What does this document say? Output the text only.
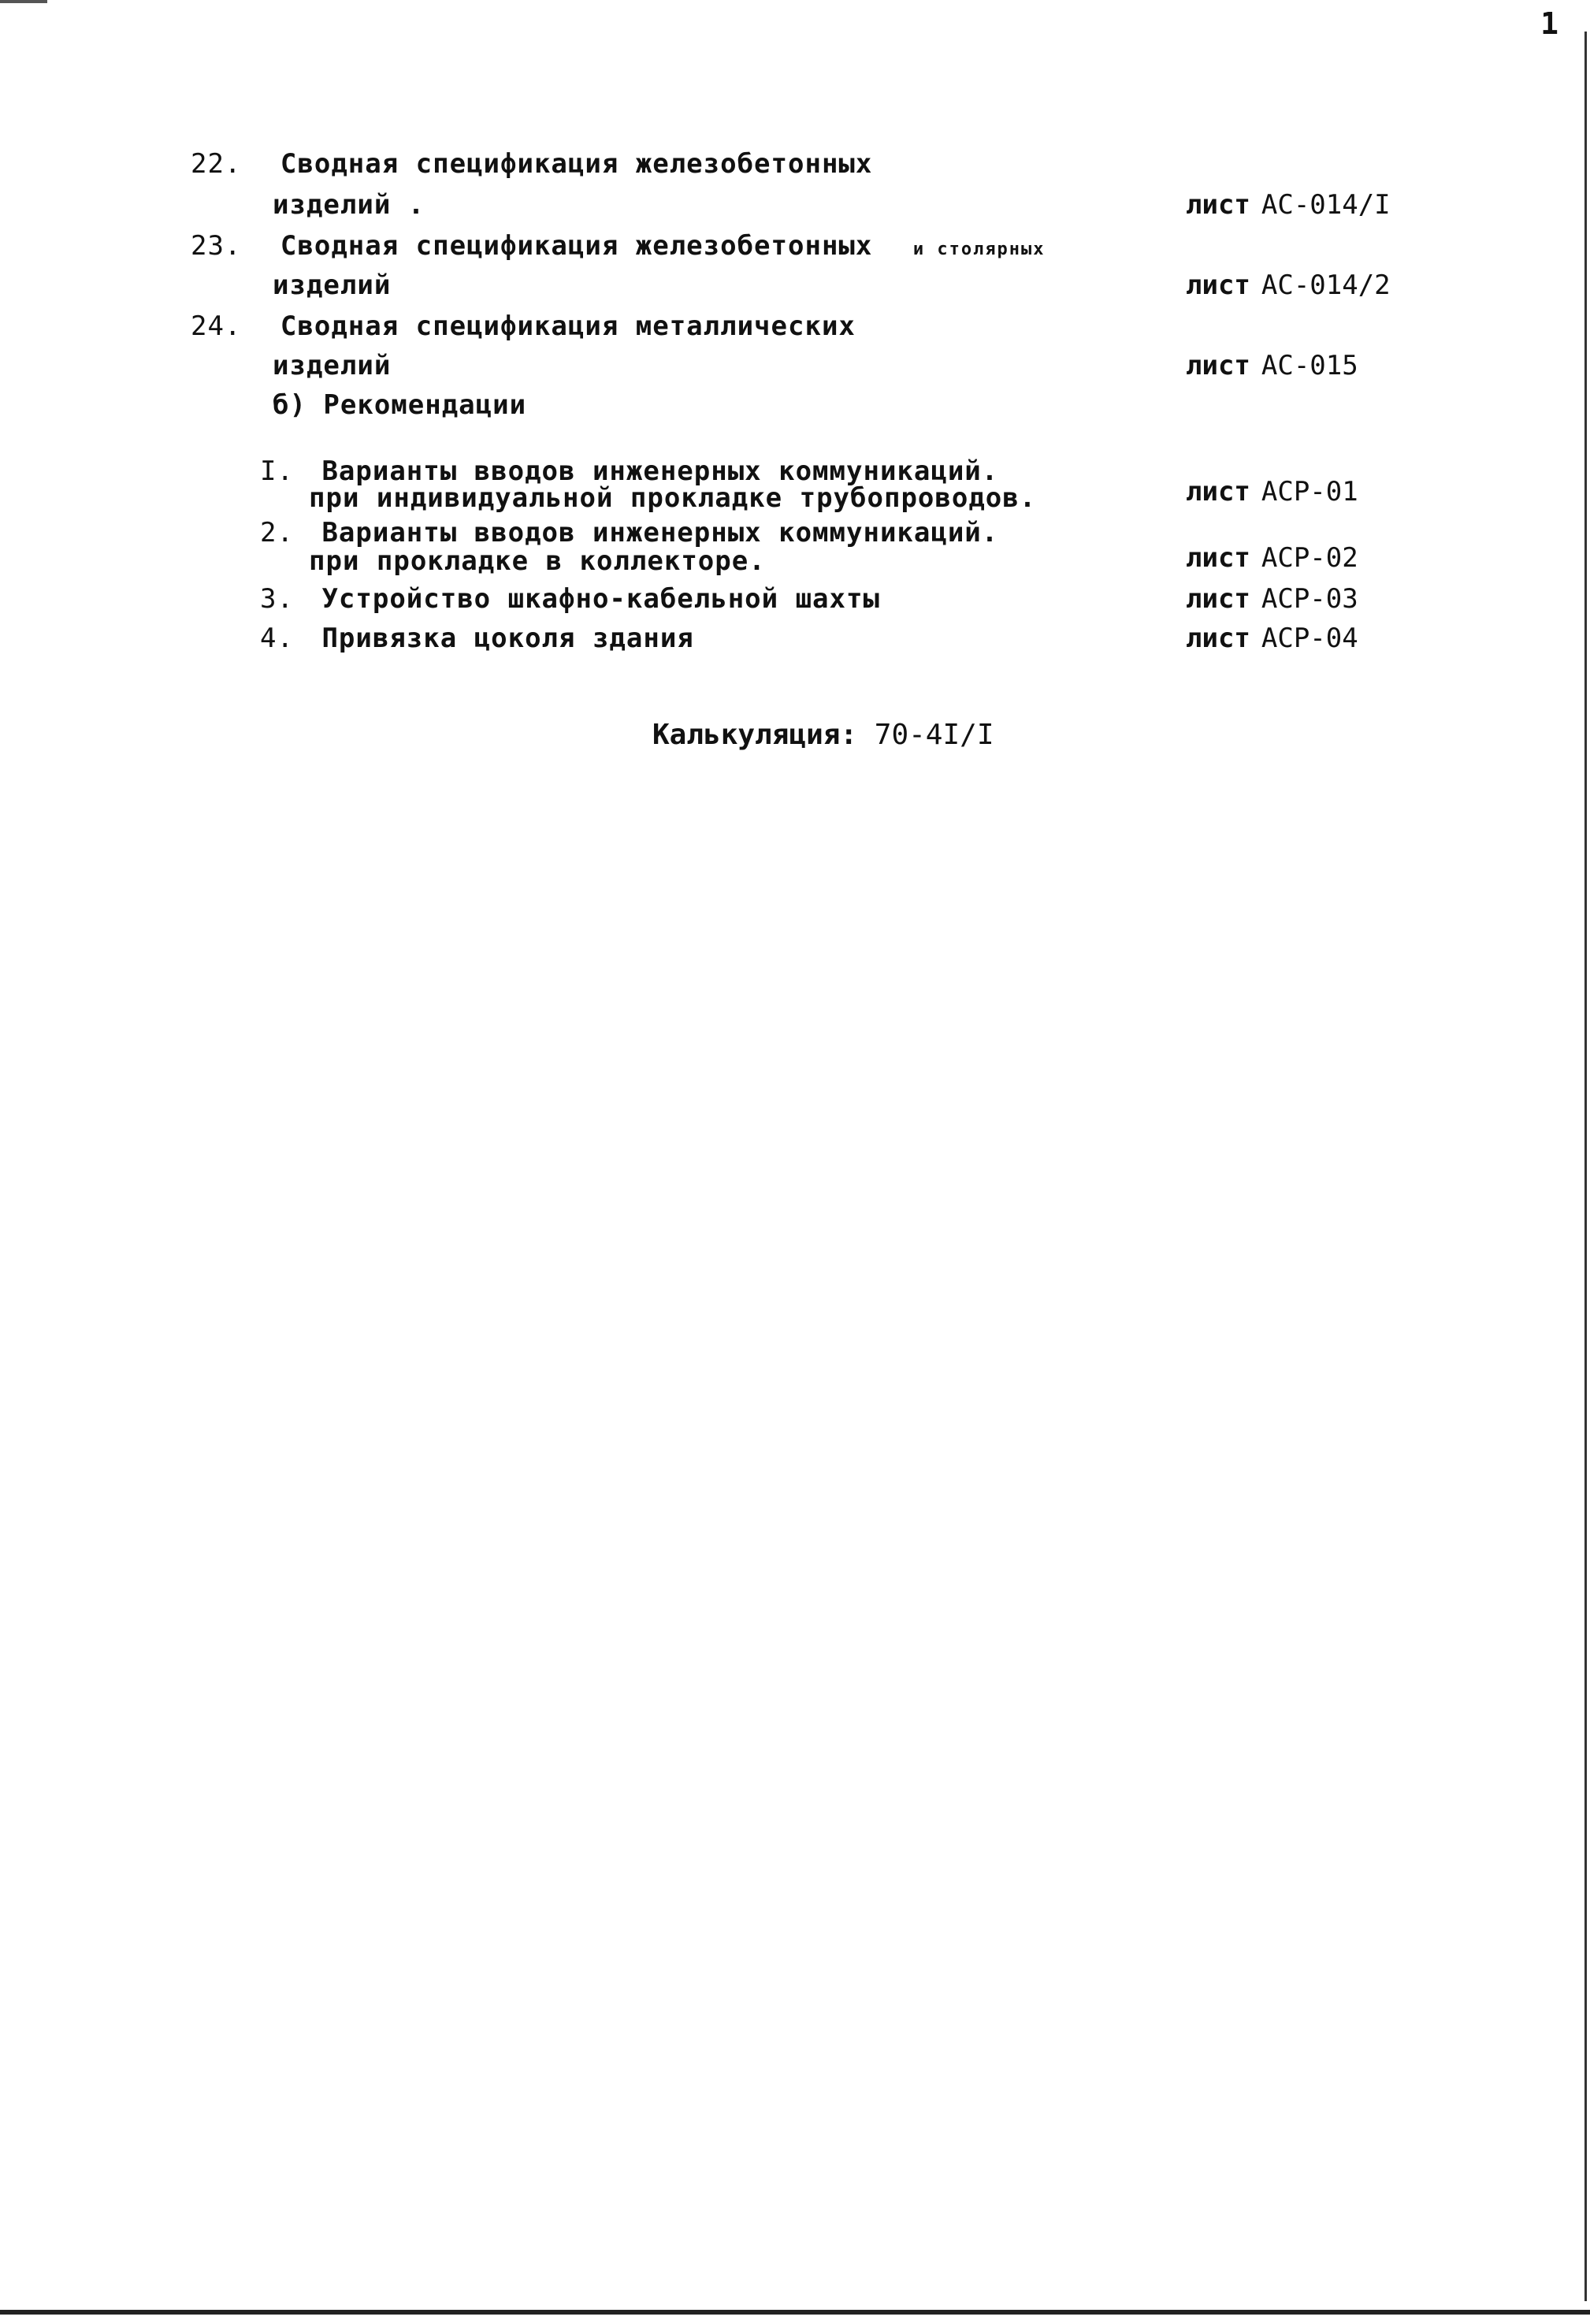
1
22. Сводная спецификация железобетонных
изделий .	лист АС-014/I
23. Сводная спецификация железобетонных и столярных
изделий	лист АС-014/2
24. Сводная спецификация металлических
изделий	лист АС-015
б) Рекомендации
I. Варианты вводов инженерных коммуникаций.
при индивидуальной прокладке трубопроводов.	лист АСР-01
2. Варианты вводов инженерных коммуникаций.
при прокладке в коллекторе.	лист АСР-02
3. Устройство шкафно-кабельной шахты	лист АСР-03
4. Привязка цоколя здания	лист АСР-04
Калькуляция: 70-4I/I
